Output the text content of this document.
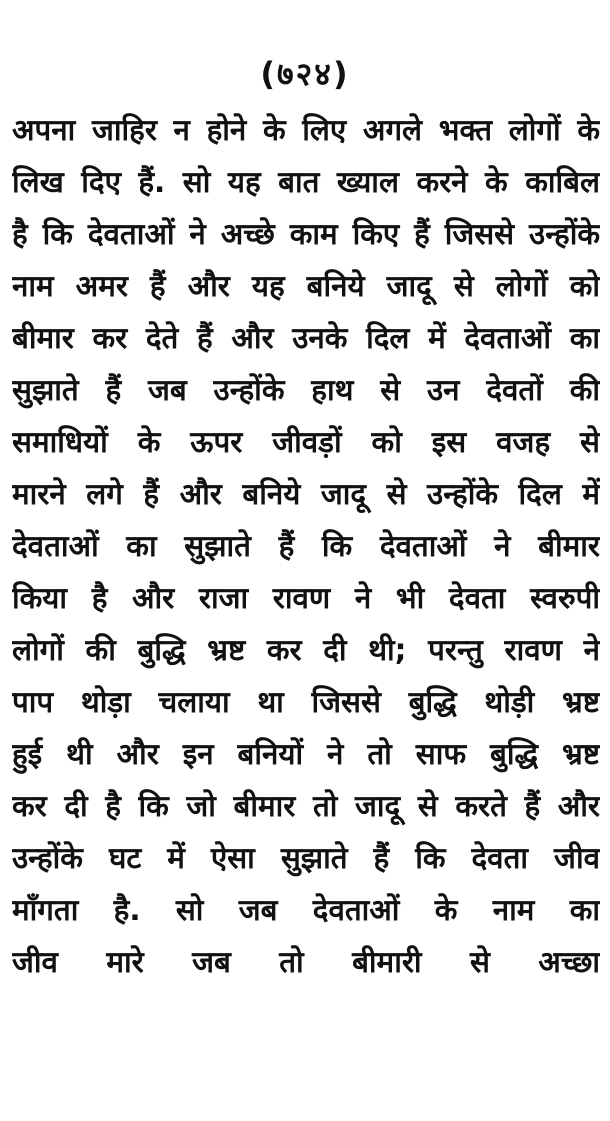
(७२४)
अपना जाहिर न होने के लिए अगले भक्त लोगों के
लिख दिए हैं. सो यह बात ख्याल करने के काबिल
है कि देवताओं ने अच्छे काम किए हैं जिससे उन्होंके
नाम अमर हैं और यह बनिये जादू से लोगों को
बीमार कर देते हैं और उनके दिल में देवताओं का
सुझाते हैं जब उन्होंके हाथ से उन देवतों की
समाधियों के ऊपर जीवड़ों को इस वजह से
मारने लगे हैं और बनिये जादू से उन्होंके दिल में
देवताओं का सुझाते हैं कि देवताओं ने बीमार
किया है और राजा रावण ने भी देवता स्वरुपी
लोगों की बुद्धि भ्रष्ट कर दी थी; परन्तु रावण ने
पाप थोड़ा चलाया था जिससे बुद्धि थोड़ी भ्रष्ट
हुई थी और इन बनियों ने तो साफ बुद्धि भ्रष्ट
कर दी है कि जो बीमार तो जादू से करते हैं और
उन्होंके घट में ऐसा सुझाते हैं कि देवता जीव
माँगता है. सो जब देवताओं के नाम का
जीव मारे जब तो बीमारी से अच्छा
